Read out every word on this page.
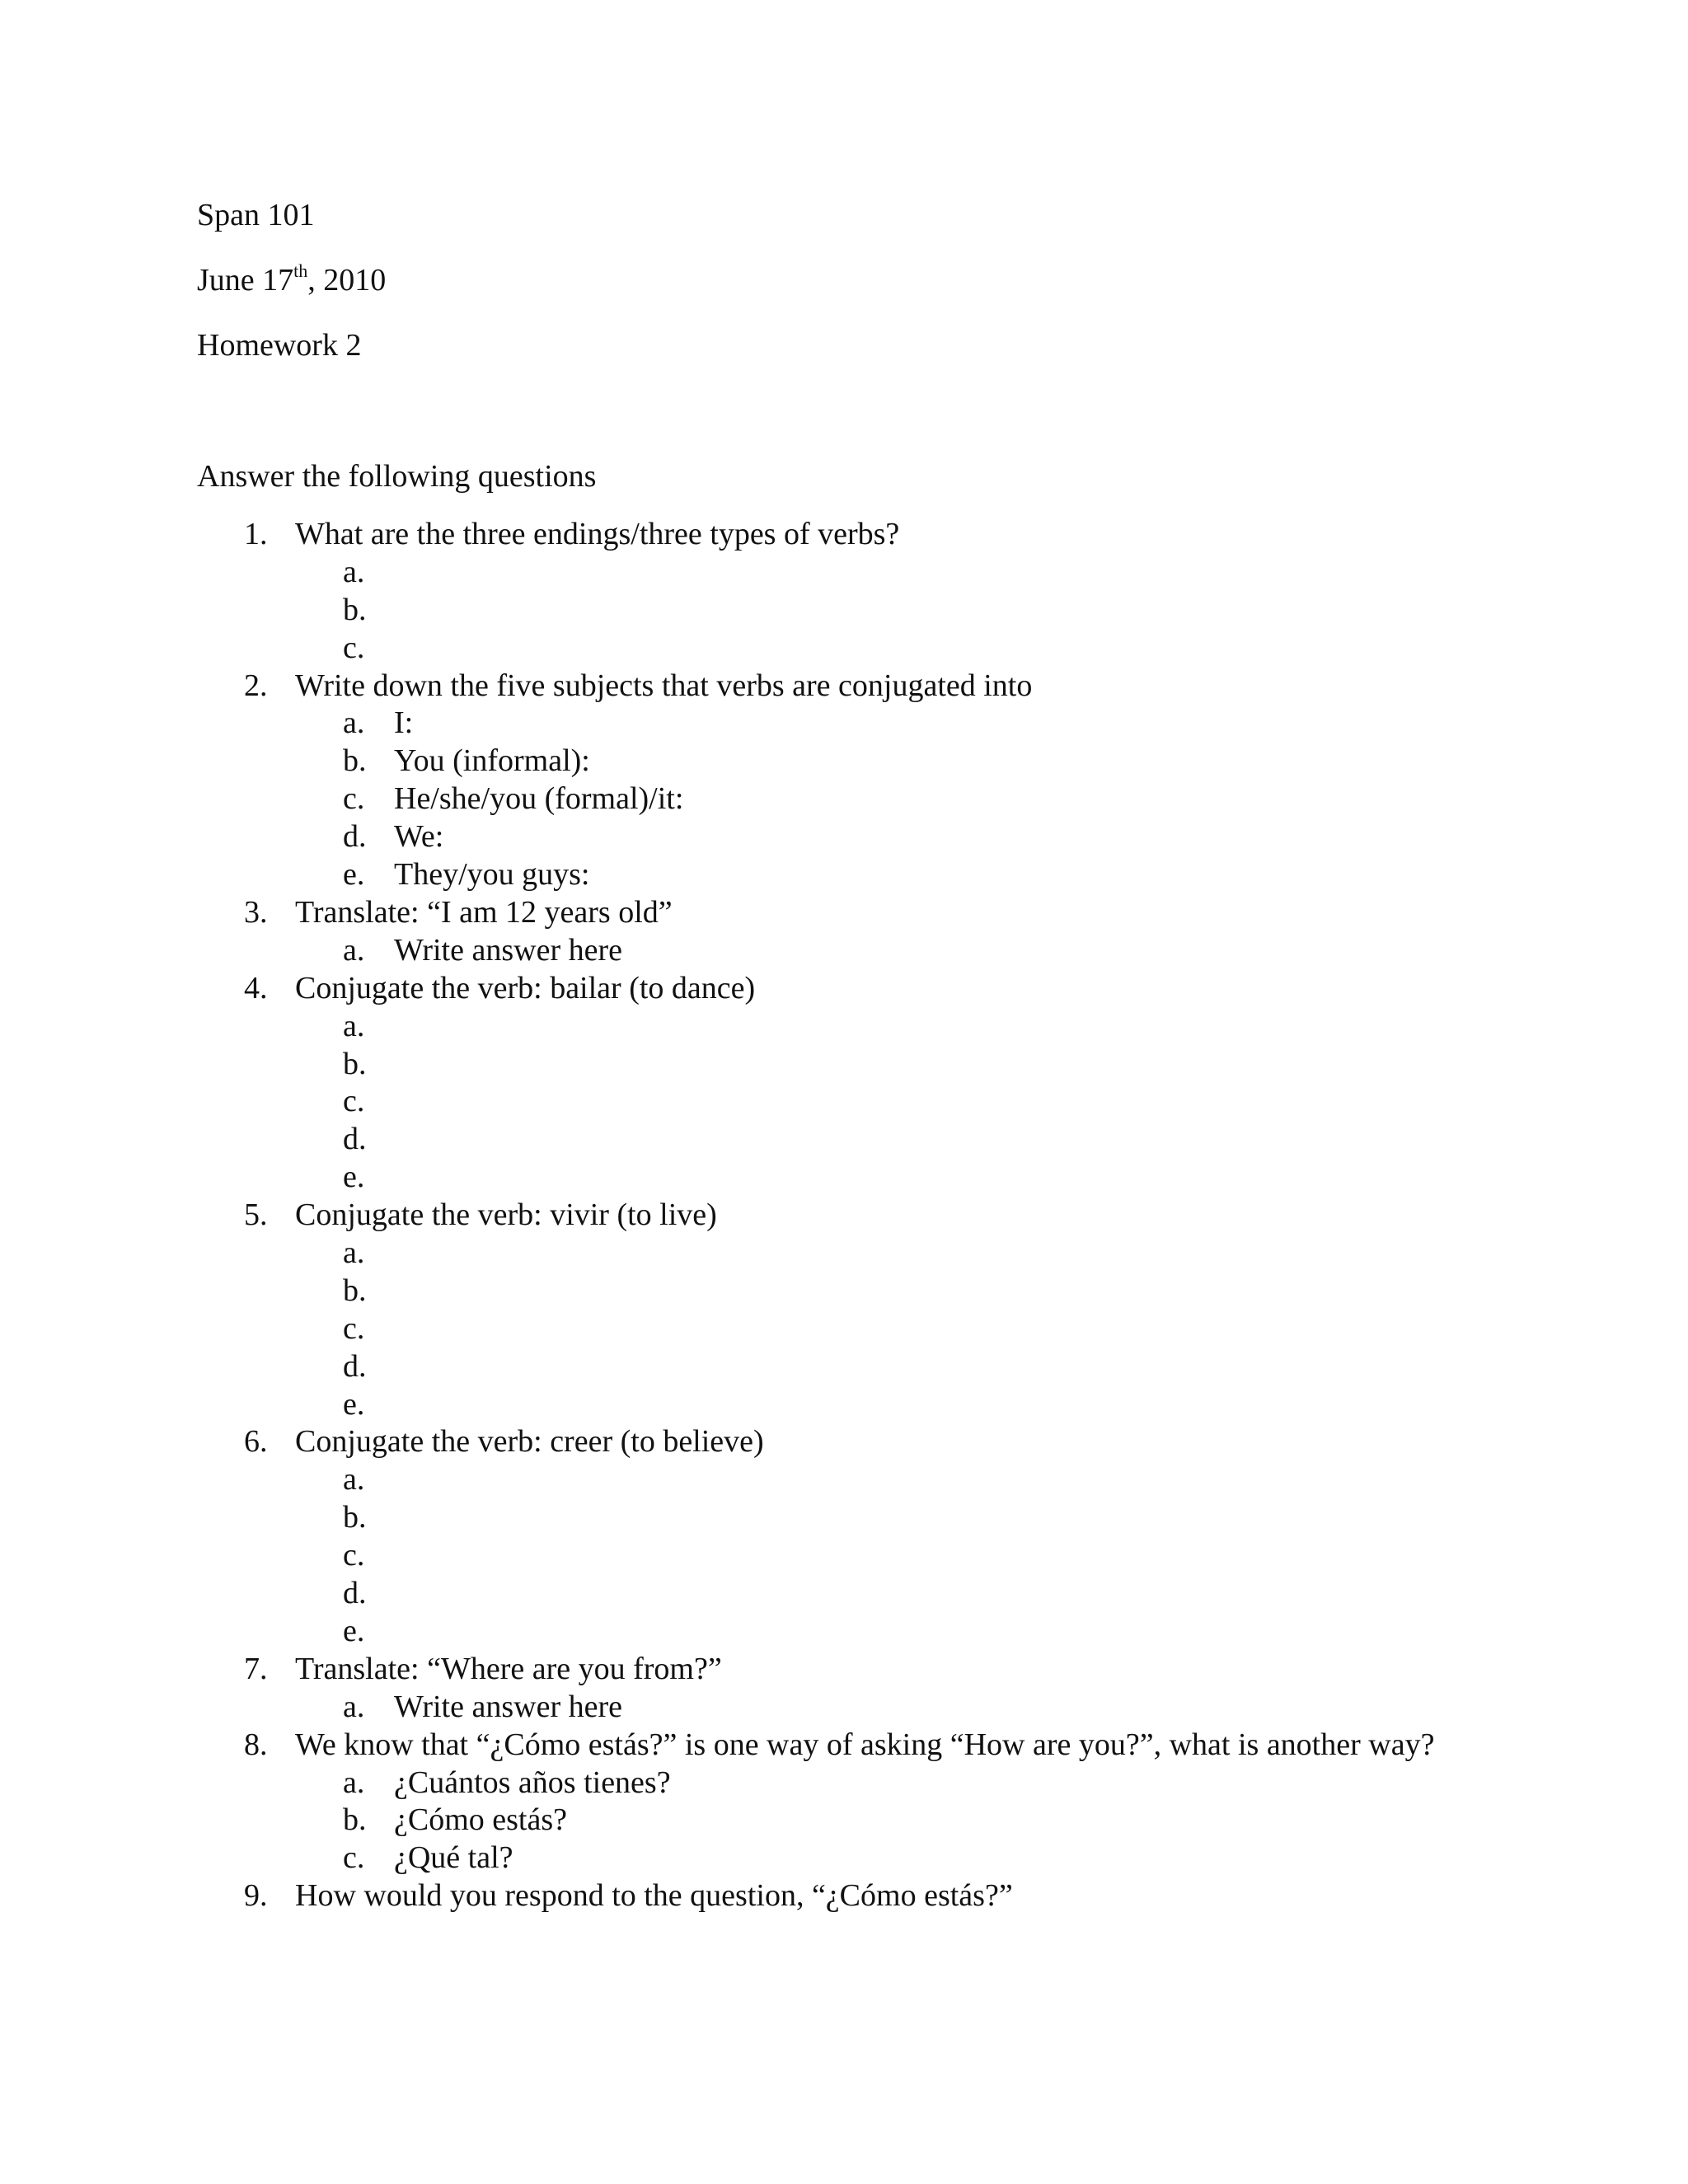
Span 101
June 17th, 2010
Homework 2
Answer the following questions
1. What are the three endings/three types of verbs?
a.
b.
c.
2. Write down the five subjects that verbs are conjugated into
a. I:
b. You (informal):
c. He/she/you (formal)/it:
d. We:
e. They/you guys:
3. Translate: “I am 12 years old”
a. Write answer here
4. Conjugate the verb: bailar (to dance)
a.
b.
c.
d.
e.
5. Conjugate the verb: vivir (to live)
a.
b.
c.
d.
e.
6. Conjugate the verb: creer (to believe)
a.
b.
c.
d.
e.
7. Translate: “Where are you from?”
a. Write answer here
8. We know that “¿Cómo estás?” is one way of asking “How are you?”, what is another way?
a. ¿Cuántos años tienes?
b. ¿Cómo estás?
c. ¿Qué tal?
9. How would you respond to the question, “¿Cómo estás?”
